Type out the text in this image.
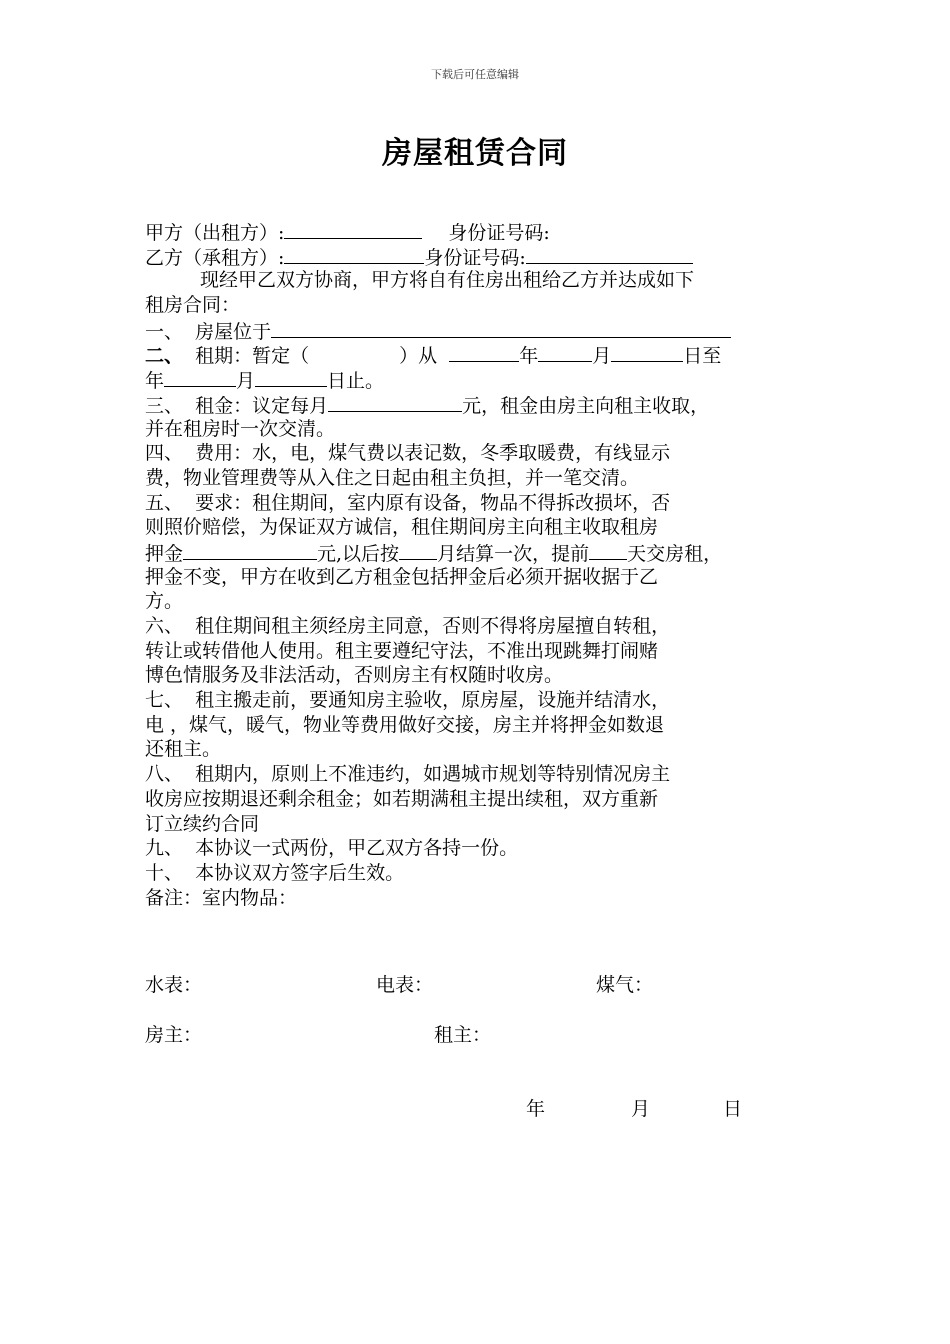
下载后可任意编辑
房屋租赁合同
甲方（出租方）:	身份证号码:
乙方（承租方）:	身份证号码:
现经甲乙双方协商，甲方将自有住房出租给乙方并达成如下
租房合同：
一、 房屋位于
二、 租期：暂定（	）从	年	月	日至
年	月	日止。
三、 租金：议定每月	元，租金由房主向租主收取，
并在租房时一次交清。
四、 费用：水，电，煤气费以表记数，冬季取暖费，有线显示
费，物业管理费等从入住之日起由租主负担，并一笔交清。
五、 要求：租住期间，室内原有设备，物品不得拆改损坏，否
则照价赔偿，为保证双方诚信，租住期间房主向租主收取租房
押金	元,以后按 月结算一次，提前 天交房租，
押金不变，甲方在收到乙方租金包括押金后必须开据收据于乙
方。
六、 租住期间租主须经房主同意，否则不得将房屋擅自转租，
转让或转借他人使用。租主要遵纪守法，不准出现跳舞打闹赌
博色情服务及非法活动，否则房主有权随时收房。
七、 租主搬走前，要通知房主验收，原房屋，设施并结清水，
电 ，煤气，暖气，物业等费用做好交接，房主并将押金如数退
还租主。
八、 租期内，原则上不准违约，如遇城市规划等特别情况房主
收房应按期退还剩余租金；如若期满租主提出续租，双方重新
订立续约合同
九、 本协议一式两份，甲乙双方各持一份。
十、 本协议双方签字后生效。
备注：室内物品：
水表：	电表：	煤气：
房主：	租主：
年	月	日
